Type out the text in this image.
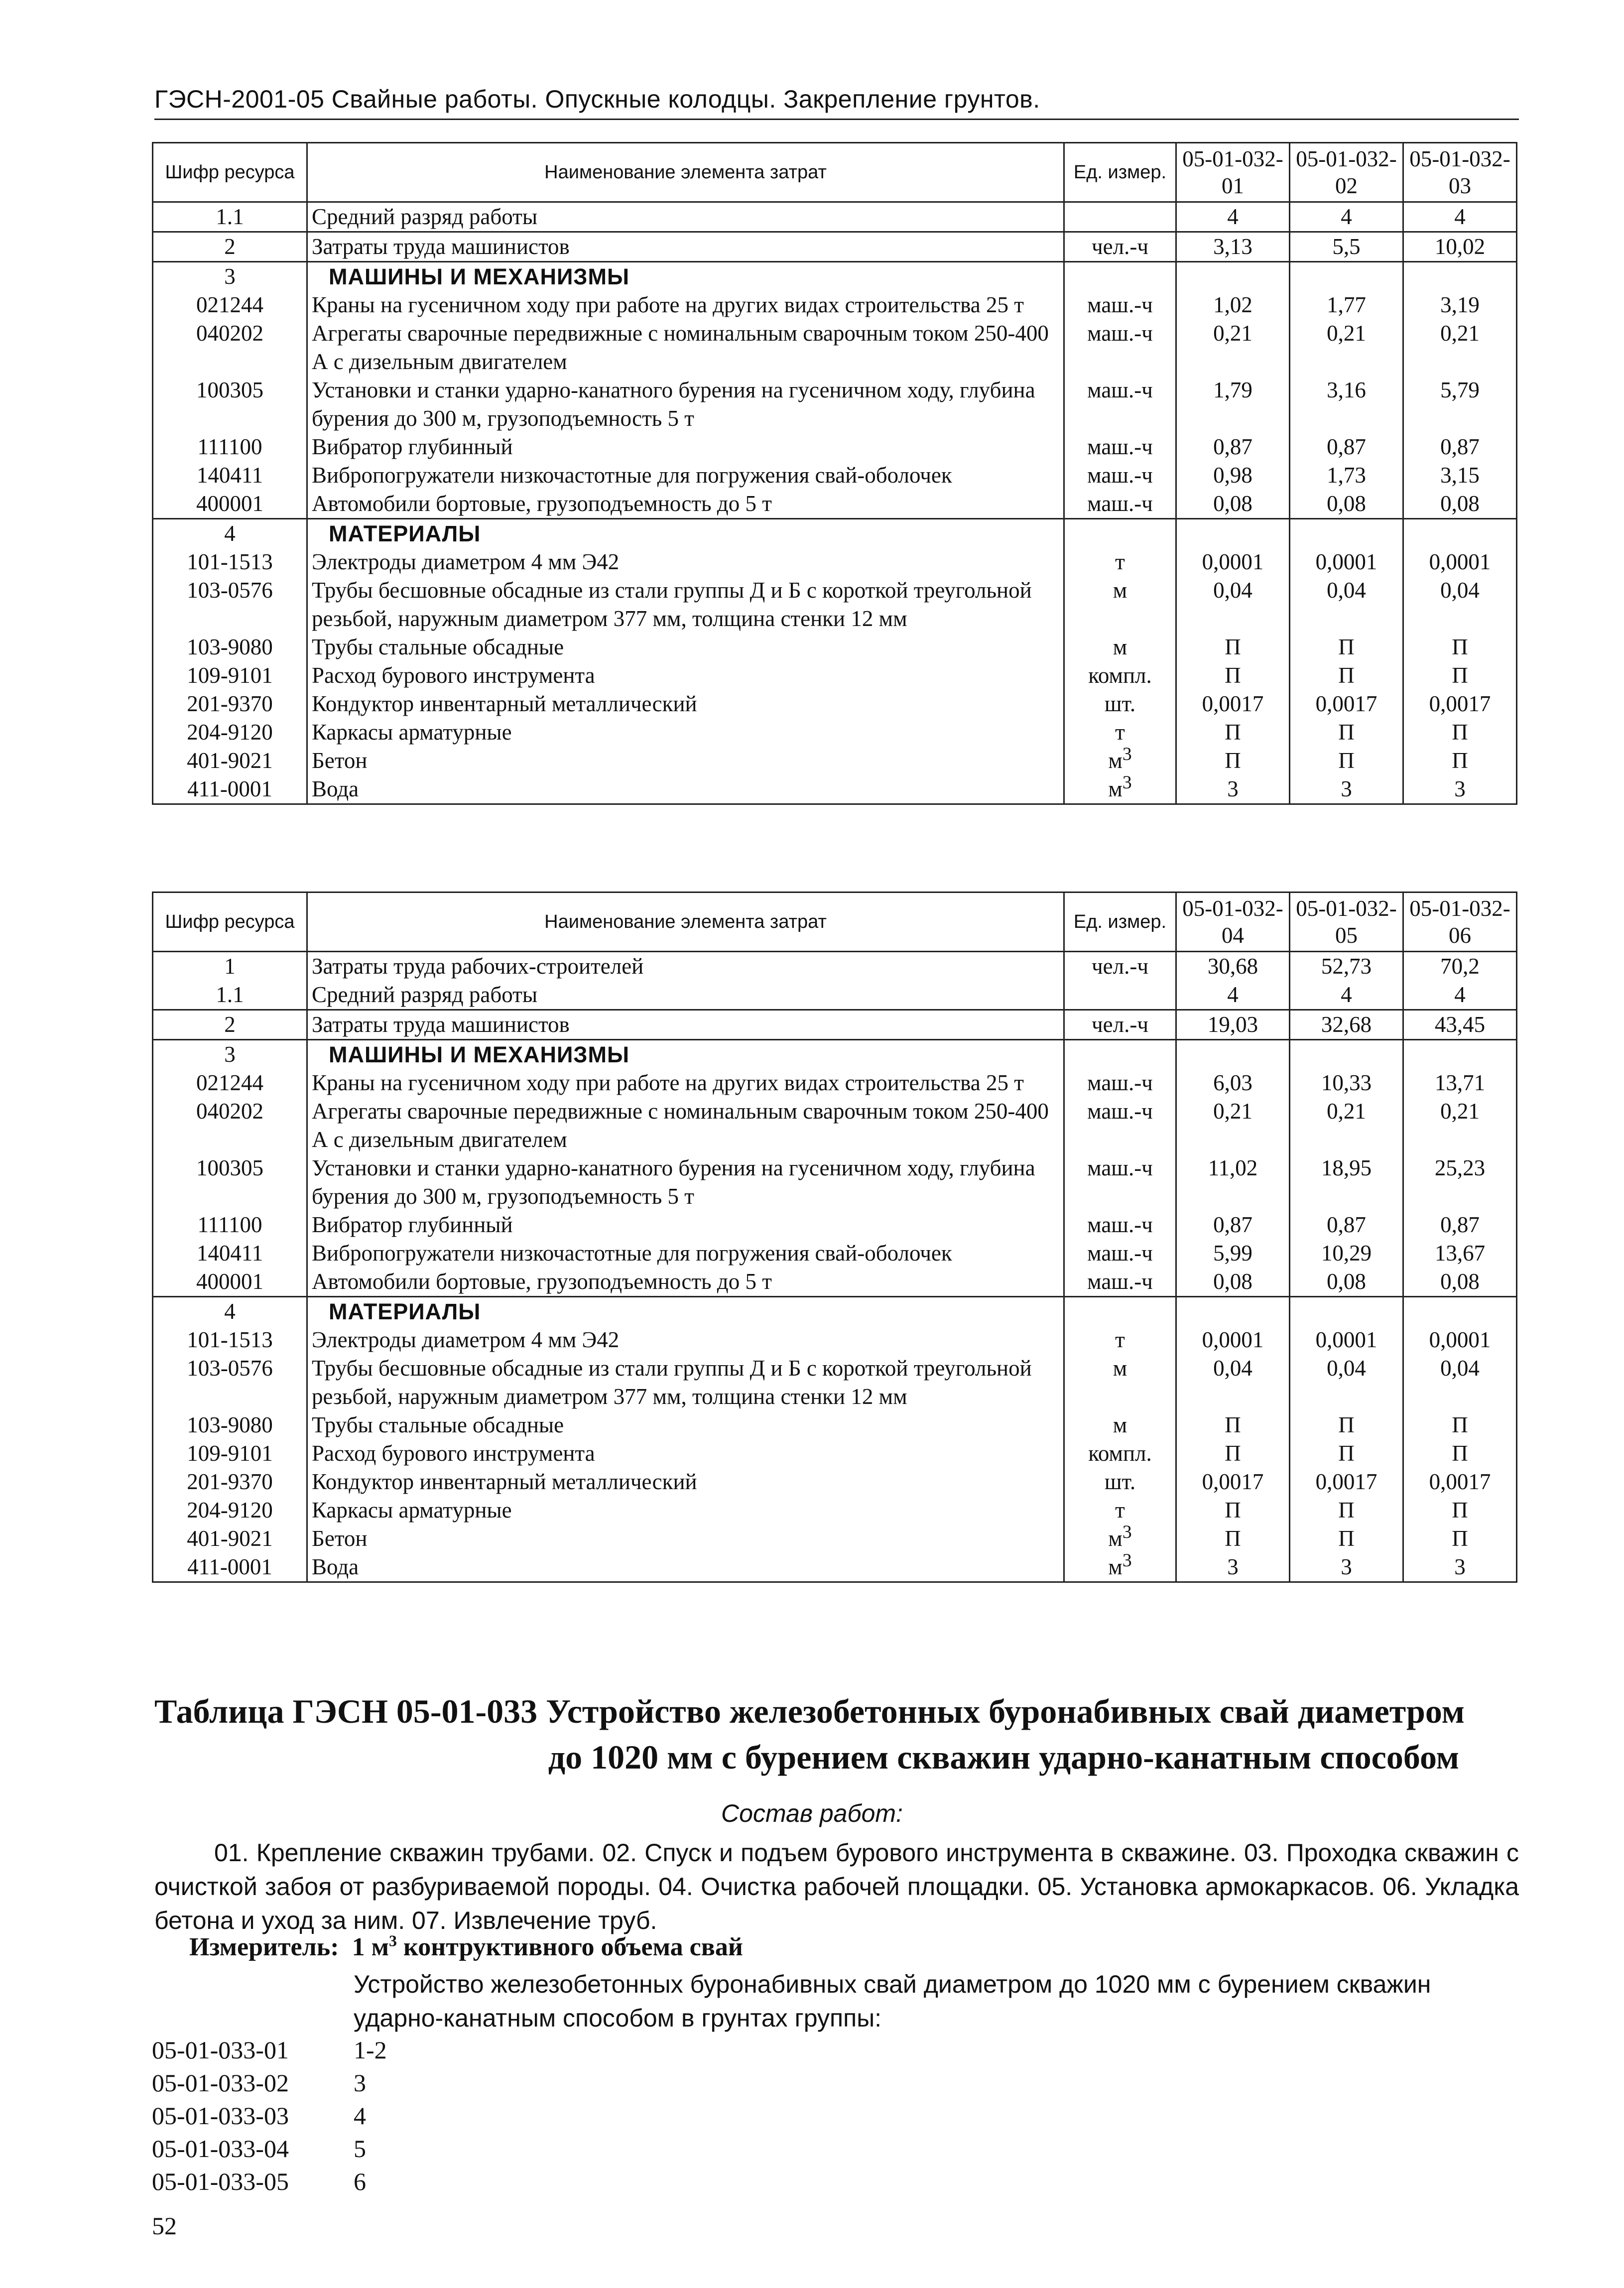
ГЭСН-2001-05 Свайные работы. Опускные колодцы. Закрепление грунтов.
Шифр ресурса	Наименование элемента затрат	Ед. измер.	05-01-032-01	05-01-032-02	05-01-032-03
1.1	Средний разряд работы		4	4	4
2	Затраты труда машинистов	чел.-ч	3,13	5,5	10,02
3	МАШИНЫ И МЕХАНИЗМЫ				
021244	Краны на гусеничном ходу при работе на других видах строительства 25 т	маш.-ч	1,02	1,77	3,19
040202	Агрегаты сварочные передвижные с номинальным сварочным током 250-400 А с дизельным двигателем	маш.-ч	0,21	0,21	0,21
100305	Установки и станки ударно-канатного бурения на гусеничном ходу, глубина бурения до 300 м, грузоподъемность 5 т	маш.-ч	1,79	3,16	5,79
111100	Вибратор глубинный	маш.-ч	0,87	0,87	0,87
140411	Вибропогружатели низкочастотные для погружения свай-оболочек	маш.-ч	0,98	1,73	3,15
400001	Автомобили бортовые, грузоподъемность до 5 т	маш.-ч	0,08	0,08	0,08
4	МАТЕРИАЛЫ				
101-1513	Электроды диаметром 4 мм Э42	т	0,0001	0,0001	0,0001
103-0576	Трубы бесшовные обсадные из стали группы Д и Б с короткой треугольной резьбой, наружным диаметром 377 мм, толщина стенки 12 мм	м	0,04	0,04	0,04
103-9080	Трубы стальные обсадные	м	П	П	П
109-9101	Расход бурового инструмента	компл.	П	П	П
201-9370	Кондуктор инвентарный металлический	шт.	0,0017	0,0017	0,0017
204-9120	Каркасы арматурные	т	П	П	П
401-9021	Бетон	$м^3$	П	П	П
411-0001	Вода	$м^3$	3	3	3
Шифр ресурса	Наименование элемента затрат	Ед. измер.	05-01-032-04	05-01-032-05	05-01-032-06
1	Затраты труда рабочих-строителей	чел.-ч	30,68	52,73	70,2
1.1	Средний разряд работы		4	4	4
2	Затраты труда машинистов	чел.-ч	19,03	32,68	43,45
3	МАШИНЫ И МЕХАНИЗМЫ				
021244	Краны на гусеничном ходу при работе на других видах строительства 25 т	маш.-ч	6,03	10,33	13,71
040202	Агрегаты сварочные передвижные с номинальным сварочным током 250-400 А с дизельным двигателем	маш.-ч	0,21	0,21	0,21
100305	Установки и станки ударно-канатного бурения на гусеничном ходу, глубина бурения до 300 м, грузоподъемность 5 т	маш.-ч	11,02	18,95	25,23
111100	Вибратор глубинный	маш.-ч	0,87	0,87	0,87
140411	Вибропогружатели низкочастотные для погружения свай-оболочек	маш.-ч	5,99	10,29	13,67
400001	Автомобили бортовые, грузоподъемность до 5 т	маш.-ч	0,08	0,08	0,08
4	МАТЕРИАЛЫ				
101-1513	Электроды диаметром 4 мм Э42	т	0,0001	0,0001	0,0001
103-0576	Трубы бесшовные обсадные из стали группы Д и Б с короткой треугольной резьбой, наружным диаметром 377 мм, толщина стенки 12 мм	м	0,04	0,04	0,04
103-9080	Трубы стальные обсадные	м	П	П	П
109-9101	Расход бурового инструмента	компл.	П	П	П
201-9370	Кондуктор инвентарный металлический	шт.	0,0017	0,0017	0,0017
204-9120	Каркасы арматурные	т	П	П	П
401-9021	Бетон	$м^3$	П	П	П
411-0001	Вода	$м^3$	3	3	3
Таблица ГЭСН 05-01-033 Устройство железобетонных буронабивных свай диаметром
до 1020 мм с бурением скважин ударно-канатным способом
Состав работ:
01. Крепление скважин трубами. 02. Спуск и подъем бурового инструмента в скважине. 03. Проходка скважин с очисткой забоя от разбуриваемой породы. 04. Очистка рабочей площадки. 05. Установка армокаркасов. 06. Укладка бетона и уход за ним. 07. Извлечение труб.
Измеритель: 1 $м^3$ контруктивного объема свай
Устройство железобетонных буронабивных свай диаметром до 1020 мм с бурением скважин ударно-канатным способом в грунтах группы:
05-01-033-01	1-2
05-01-033-02	3
05-01-033-03	4
05-01-033-04	5
05-01-033-05	6
52
